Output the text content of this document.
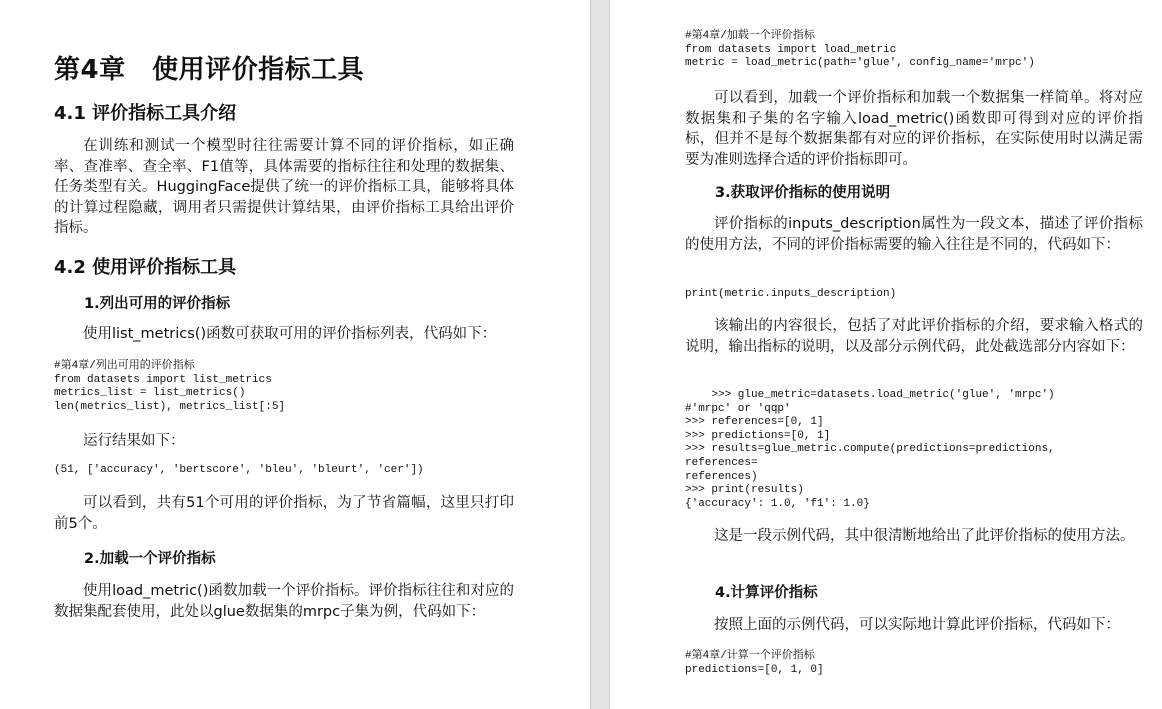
第4章　使用评价指标工具
4.1 评价指标工具介绍

在训练和测试一个模型时往往需要计算不同的评价指标，如正确率、查准率、查全率、F1值等，具体需要的指标往往和处理的数据集、任务类型有关。HuggingFace提供了统一的评价指标工具，能够将具体的计算过程隐藏，调用者只需提供计算结果，由评价指标工具给出评价指标。

4.2 使用评价指标工具
1.列出可用的评价指标

使用list_metrics()函数可获取可用的评价指标列表，代码如下：

#第4章/列出可用的评价指标
from datasets import list_metrics
metrics_list = list_metrics()
len(metrics_list), metrics_list[:5]

运行结果如下：

(51, ['accuracy', 'bertscore', 'bleu', 'bleurt', 'cer'])

可以看到，共有51个可用的评价指标，为了节省篇幅，这里只打印前5个。

2.加载一个评价指标

使用load_metric()函数加载一个评价指标。评价指标往往和对应的数据集配套使用，此处以glue数据集的mrpc子集为例，代码如下：

#第4章/加载一个评价指标
from datasets import load_metric
metric = load_metric(path='glue', config_name='mrpc')

可以看到，加载一个评价指标和加载一个数据集一样简单。将对应数据集和子集的名字输入load_metric()函数即可得到对应的评价指标，但并不是每个数据集都有对应的评价指标，在实际使用时以满足需要为准则选择合适的评价指标即可。

3.获取评价指标的使用说明

评价指标的inputs_description属性为一段文本，描述了评价指标的使用方法，不同的评价指标需要的输入往往是不同的，代码如下：

print(metric.inputs_description)

该输出的内容很长，包括了对此评价指标的介绍，要求输入格式的说明，输出指标的说明，以及部分示例代码，此处截选部分内容如下：

>>> glue_metric=datasets.load_metric('glue', 'mrpc')
#'mrpc' or 'qqp'
>>> references=[0, 1]
>>> predictions=[0, 1]
>>> results=glue_metric.compute(predictions=predictions,
references=
references)
>>> print(results)
{'accuracy': 1.0, 'f1': 1.0}

这是一段示例代码，其中很清断地给出了此评价指标的使用方法。

4.计算评价指标

按照上面的示例代码，可以实际地计算此评价指标，代码如下：

#第4章/计算一个评价指标
predictions=[0, 1, 0]
